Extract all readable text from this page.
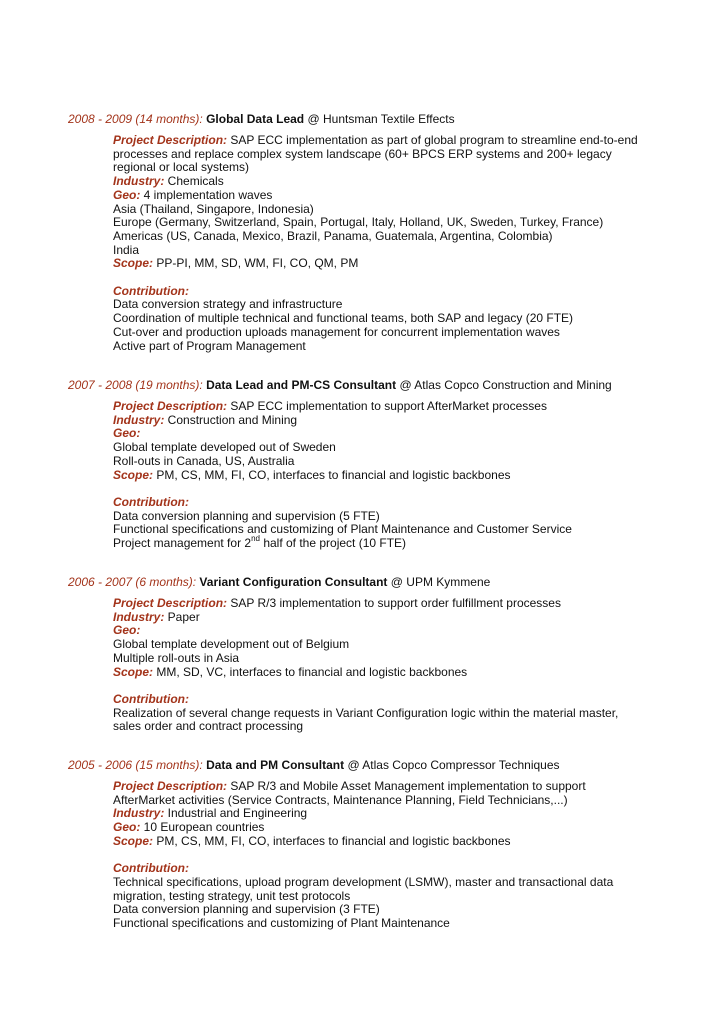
2008 - 2009 (14 months): Global Data Lead @ Huntsman Textile Effects
Project Description: SAP ECC implementation as part of global program to streamline end-to-end
processes and replace complex system landscape (60+ BPCS ERP systems and 200+ legacy
regional or local systems)
Industry: Chemicals
Geo: 4 implementation waves
Asia (Thailand, Singapore, Indonesia)
Europe (Germany, Switzerland, Spain, Portugal, Italy, Holland, UK, Sweden, Turkey, France)
Americas (US, Canada, Mexico, Brazil, Panama, Guatemala, Argentina, Colombia)
India
Scope: PP-PI, MM, SD, WM, FI, CO, QM, PM
Contribution:
Data conversion strategy and infrastructure
Coordination of multiple technical and functional teams, both SAP and legacy (20 FTE)
Cut-over and production uploads management for concurrent implementation waves
Active part of Program Management
2007 - 2008 (19 months): Data Lead and PM-CS Consultant @ Atlas Copco Construction and Mining
Project Description: SAP ECC implementation to support AfterMarket processes
Industry: Construction and Mining
Geo:
Global template developed out of Sweden
Roll-outs in Canada, US, Australia
Scope: PM, CS, MM, FI, CO, interfaces to financial and logistic backbones
Contribution:
Data conversion planning and supervision (5 FTE)
Functional specifications and customizing of Plant Maintenance and Customer Service
Project management for 2nd half of the project (10 FTE)
2006 - 2007 (6 months): Variant Configuration Consultant @ UPM Kymmene
Project Description: SAP R/3 implementation to support order fulfillment processes
Industry: Paper
Geo:
Global template development out of Belgium
Multiple roll-outs in Asia
Scope: MM, SD, VC, interfaces to financial and logistic backbones
Contribution:
Realization of several change requests in Variant Configuration logic within the material master,
sales order and contract processing
2005 - 2006 (15 months): Data and PM Consultant @ Atlas Copco Compressor Techniques
Project Description: SAP R/3 and Mobile Asset Management implementation to support
AfterMarket activities (Service Contracts, Maintenance Planning, Field Technicians,...)
Industry: Industrial and Engineering
Geo: 10 European countries
Scope: PM, CS, MM, FI, CO, interfaces to financial and logistic backbones
Contribution:
Technical specifications, upload program development (LSMW), master and transactional data
migration, testing strategy, unit test protocols
Data conversion planning and supervision (3 FTE)
Functional specifications and customizing of Plant Maintenance
